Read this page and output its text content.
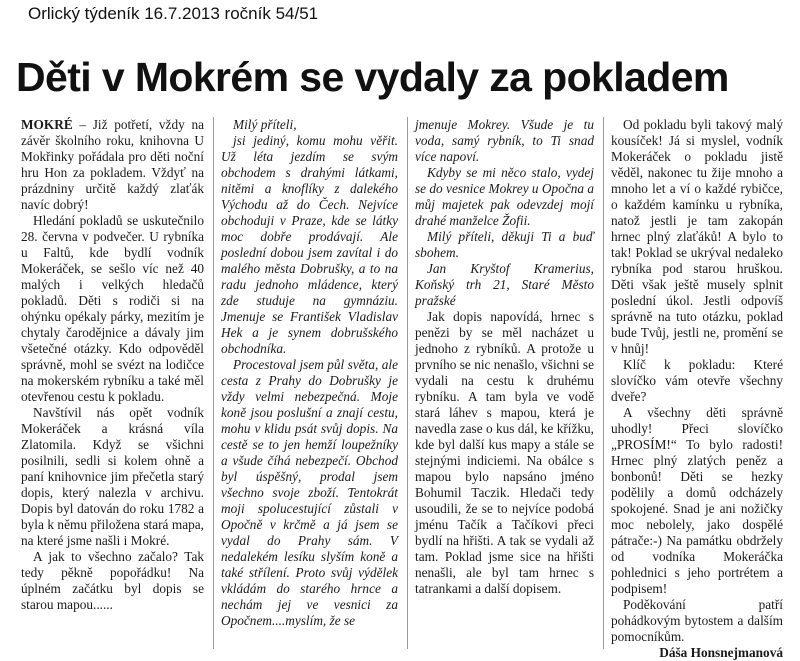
Orlický týdeník 16.7.2013 ročník 54/51
Děti v Mokrém se vydaly za pokladem

MOKRÉ – Již potřetí, vždy na závěr školního roku, knihovna U Mokřinky pořádala pro děti noční hru Hon za pokladem. Vždyť na prázdniny určitě každý zlaťák navíc dobrý!

Hledání pokladů se uskutečnilo 28. června v podvečer. U rybníka u Faltů, kde bydlí vodník Mokeráček, se sešlo víc než 40 malých i velkých hledačů pokladů. Děti s rodiči si na ohýnku opékaly párky, mezitím je chytaly čarodějnice a dávaly jim všetečné otázky. Kdo odpověděl správně, mohl se svézt na lodičce na mokerském rybníku a také měl otevřenou cestu k pokladu.

Navštívil nás opět vodník Mokeráček a krásná víla Zlatomila. Když se všichni posilnili, sedli si kolem ohně a paní knihovnice jim přečetla starý dopis, který nalezla v archivu. Dopis byl datován do roku 1782 a byla k němu přiložena stará mapa, na které jsme našli i Mokré.

A jak to všechno začalo? Tak tedy pěkně popořádku! Na úplném začátku byl dopis se starou mapou......

Milý příteli,

jsi jediný, komu mohu věřit. Už léta jezdím se svým obchodem s drahými látkami, nitěmi a knoflíky z dalekého Východu až do Čech. Nejvíce obchoduji v Praze, kde se látky moc dobře prodávají. Ale poslední dobou jsem zavítal i do malého města Dobrušky, a to na radu jednoho mládence, který zde studuje na gymnáziu. Jmenuje se František Vladislav Hek a je synem dobrušského obchodníka.

Procestoval jsem půl světa, ale cesta z Prahy do Dobrušky je vždy velmi nebezpečná. Moje koně jsou poslušní a znají cestu, mohu v klidu psát svůj dopis. Na cestě se to jen hemží loupežníky a všude číhá nebezpečí. Obchod byl úspěšný, prodal jsem všechno svoje zboží. Tentokrát moji spolucestující zůstali v Opočně v krčmě a já jsem se vydal do Prahy sám. V nedalekém lesíku slyším koně a také střílení. Proto svůj výdělek vkládám do starého hrnce a nechám jej ve vesnici za Opočnem....myslím, že se

jmenuje Mokrey. Všude je tu voda, samý rybník, to Ti snad více napoví.

Kdyby se mi něco stalo, vydej se do vesnice Mokrey u Opočna a můj majetek pak odevzdej mojí drahé manželce Žofii.

Milý příteli, děkuji Ti a buď sbohem.

Jan Kryštof Kramerius, Koňský trh 21, Staré Město pražské

Jak dopis napovídá, hrnec s penězi by se měl nacházet u jednoho z rybníků. A protože u prvního se nic nenašlo, všichni se vydali na cestu k druhému rybníku. A tam byla ve vodě stará láhev s mapou, která je navedla zase o kus dál, ke křížku, kde byl další kus mapy a stále se stejnými indiciemi. Na obálce s mapou bylo napsáno jméno Bohumil Taczik. Hledači tedy usoudili, že se to nejvíce podobá jménu Tačík a Tačíkovi přeci bydlí na hřišti. A tak se vydali až tam. Poklad jsme sice na hřišti nenašli, ale byl tam hrnec s tatrankami a další dopisem.

Od pokladu byli takový malý kousíček! Já si myslel, vodník Mokeráček o pokladu jistě věděl, nakonec tu žije mnoho a mnoho let a ví o každé rybičce, o každém kamínku u rybníka, natož jestli je tam zakopán hrnec plný zlaťáků! A bylo to tak! Poklad se ukrýval nedaleko rybníka pod starou hruškou. Děti však ještě musely splnit poslední úkol. Jestli odpovíš správně na tuto otázku, poklad bude Tvůj, jestli ne, promění se v hnůj!

Klíč k pokladu: Které slovíčko vám otevře všechny dveře?

A všechny děti správně uhodly! Přeci slovíčko „PROSÍM!“ To bylo radosti! Hrnec plný zlatých peněz a bonbonů! Děti se hezky podělily a domů odcházely spokojené. Snad je ani nožičky moc nebolely, jako dospělé pátrače:-) Na památku obdržely od vodníka Mokeráčka pohlednici s jeho portrétem a podpisem!

Poděkování patří pohádkovým bytostem a dalším pomocníkům.

Dáša Honsnejmanová
